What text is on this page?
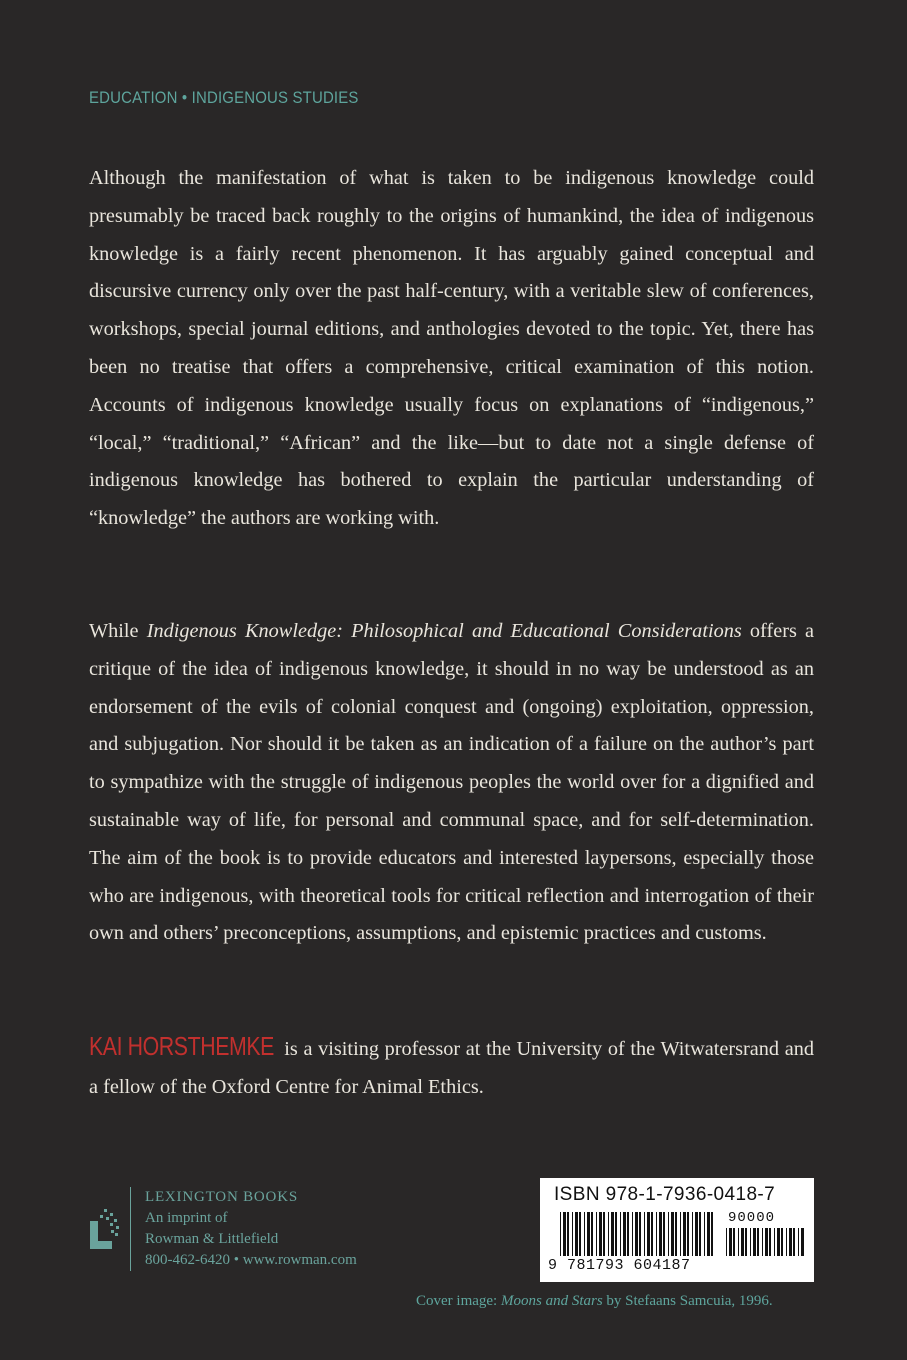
EDUCATION • INDIGENOUS STUDIES

Although the manifestation of what is taken to be indigenous knowledge could presumably be traced back roughly to the origins of humankind, the idea of indigenous knowledge is a fairly recent phenomenon. It has arguably gained conceptual and discursive currency only over the past half-century, with a veritable slew of conferences, workshops, special journal editions, and anthologies devoted to the topic. Yet, there has been no treatise that offers a comprehensive, critical examination of this notion. Accounts of indigenous knowledge usually focus on explanations of “indigenous,” “local,” “traditional,” “African” and the like—but to date not a single defense of indigenous knowledge has bothered to explain the particular understanding of “knowledge” the authors are working with.

While Indigenous Knowledge: Philosophical and Educational Considerations offers a critique of the idea of indigenous knowledge, it should in no way be understood as an endorsement of the evils of colonial conquest and (ongoing) exploitation, oppression, and subjugation. Nor should it be taken as an indication of a failure on the author’s part to sympathize with the struggle of indigenous peoples the world over for a dignified and sustainable way of life, for personal and communal space, and for self-determination. The aim of the book is to provide educators and interested laypersons, especially those who are indigenous, with theoretical tools for critical reflection and interrogation of their own and others’ preconceptions, assumptions, and epistemic practices and customs.

KAI HORSTHEMKE is a visiting professor at the University of the Witwatersrand and a fellow of the Oxford Centre for Animal Ethics.

LEXINGTON BOOKS
An imprint of
Rowman & Littlefield
800-462-6420 • www.rowman.com
ISBN 978-1-7936-0418-7
90000
9 781793 604187
Cover image: Moons and Stars by Stefaans Samcuia, 1996.
